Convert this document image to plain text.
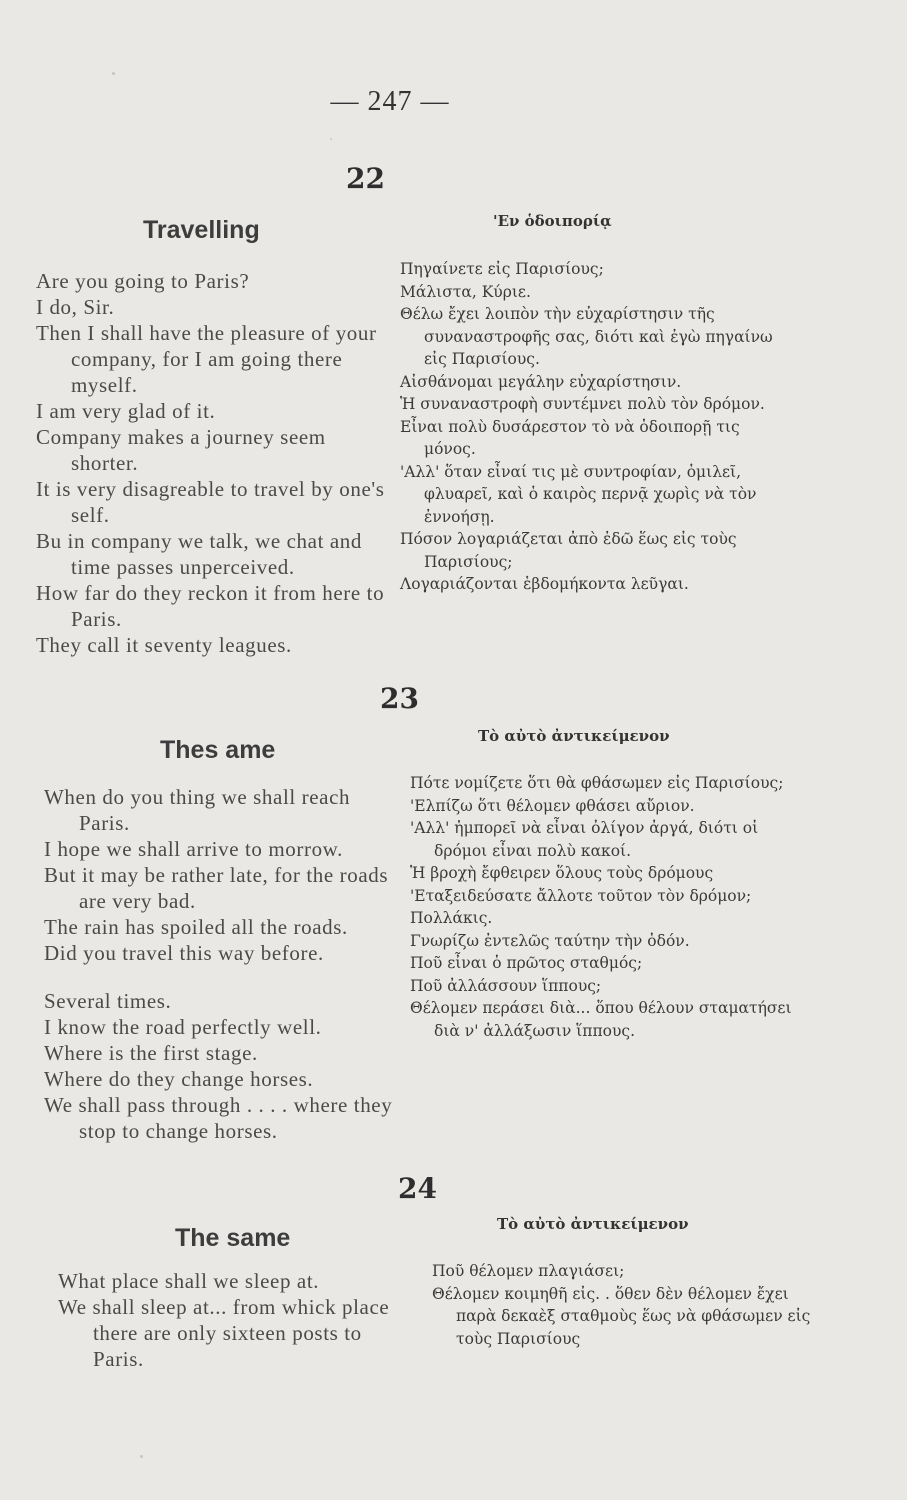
— 247 —
22
Travelling	'Εν ὁδοιπορίᾳ
Are you going to Paris?
I do, Sir.
Then I shall have the pleasure of your company, for I am going there myself.
I am very glad of it.
Company makes a journey seem shorter.
It is very disagreable to travel by one's self.
Bu in company we talk, we chat and time passes unperceived.
How far do they reckon it from here to Paris.
They call it seventy leagues.
Πηγαίνετε εἰς Παρισίους;
Μάλιστα, Κύριε.
Θέλω ἔχει λοιπὸν τὴν εὐχαρίστησιν τῆς συναναστροφῆς σας, διότι καὶ ἐγὼ πηγαίνω εἰς Παρισίους.
Αἰσθάνομαι μεγάλην εὐχαρίστησιν.
Ἡ συναναστροφὴ συντέμνει πολὺ τὸν δρόμον.
Εἶναι πολὺ δυσάρεστον τὸ νὰ ὁδοιπορῇ τις μόνος.
'Αλλ' ὅταν εἶναί τις μὲ συντροφίαν, ὁμιλεῖ, φλυαρεῖ, καὶ ὁ καιρὸς περνᾷ χωρὶς νὰ τὸν ἐννοήσῃ.
Πόσον λογαριάζεται ἀπὸ ἐδῶ ἕως εἰς τοὺς Παρισίους;
Λογαριάζονται ἑβδομήκοντα λεῦγαι.
23
Thes ame	Τὸ αὐτὸ ἀντικείμενον
When do you thing we shall reach Paris.
I hope we shall arrive to morrow.
But it may be rather late, for the roads are very bad.
The rain has spoiled all the roads.
Did you travel this way before.
Several times.
I know the road perfectly well.
Where is the first stage.
Where do they change horses.
We shall pass through . . . . where they stop to change horses.
Πότε νομίζετε ὅτι θὰ φθάσωμεν εἰς Παρισίους;
'Ελπίζω ὅτι θέλομεν φθάσει αὔριον.
'Αλλ' ἠμπορεῖ νὰ εἶναι ὀλίγον ἀργά, διότι οἱ δρόμοι εἶναι πολὺ κακοί.
Ἡ βροχὴ ἔφθειρεν ὅλους τοὺς δρόμους
'Εταξειδεύσατε ἄλλοτε τοῦτον τὸν δρόμον;
Πολλάκις.
Γνωρίζω ἐντελῶς ταύτην τὴν ὁδόν.
Ποῦ εἶναι ὁ πρῶτος σταθμός;
Ποῦ ἀλλάσσουν ἵππους;
Θέλομεν περάσει διὰ... ὅπου θέλουν σταματήσει διὰ ν' ἀλλάξωσιν ἵππους.
24
The same	Τὸ αὐτὸ ἀντικείμενον
What place shall we sleep at.
We shall sleep at... from whick place there are only sixteen posts to Paris.
Ποῦ θέλομεν πλαγιάσει;
Θέλομεν κοιμηθῆ εἰς. . ὅθεν δὲν θέλομεν ἔχει παρὰ δεκαὲξ σταθμοὺς ἕως νὰ φθάσωμεν εἰς τοὺς Παρισίους
